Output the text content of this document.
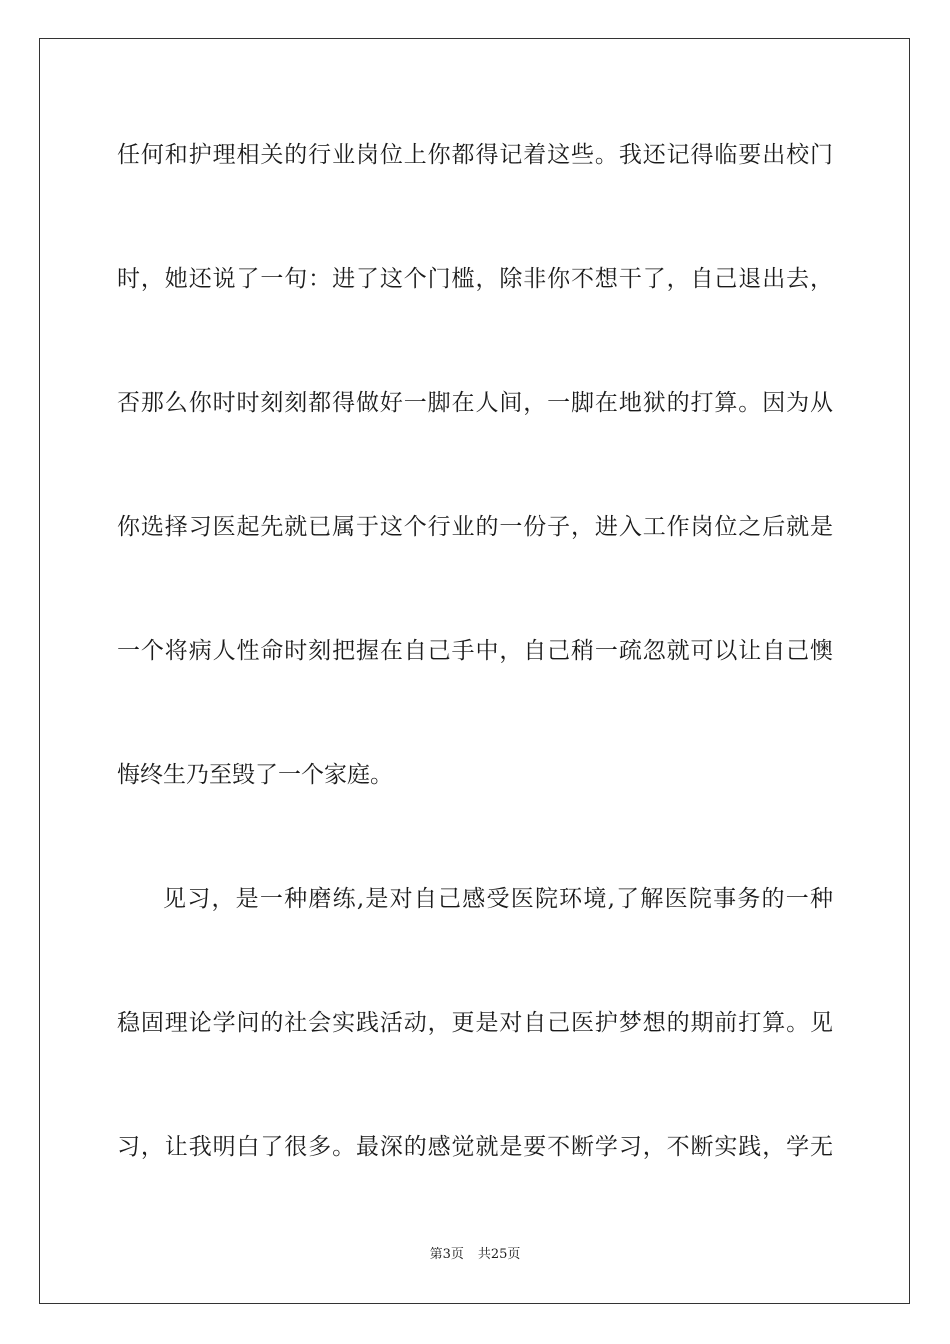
任何和护理相关的行业岗位上你都得记着这些。我还记得临要出校门
时，她还说了一句：进了这个门槛，除非你不想干了，自己退出去，
否那么你时时刻刻都得做好一脚在人间，一脚在地狱的打算。因为从
你选择习医起先就已属于这个行业的一份子，进入工作岗位之后就是
一个将病人性命时刻把握在自己手中，自己稍一疏忽就可以让自己懊
悔终生乃至毁了一个家庭。
见习，是一种磨练,是对自己感受医院环境,了解医院事务的一种
稳固理论学问的社会实践活动，更是对自己医护梦想的期前打算。见
习，让我明白了很多。最深的感觉就是要不断学习，不断实践，学无
第3页 共25页
